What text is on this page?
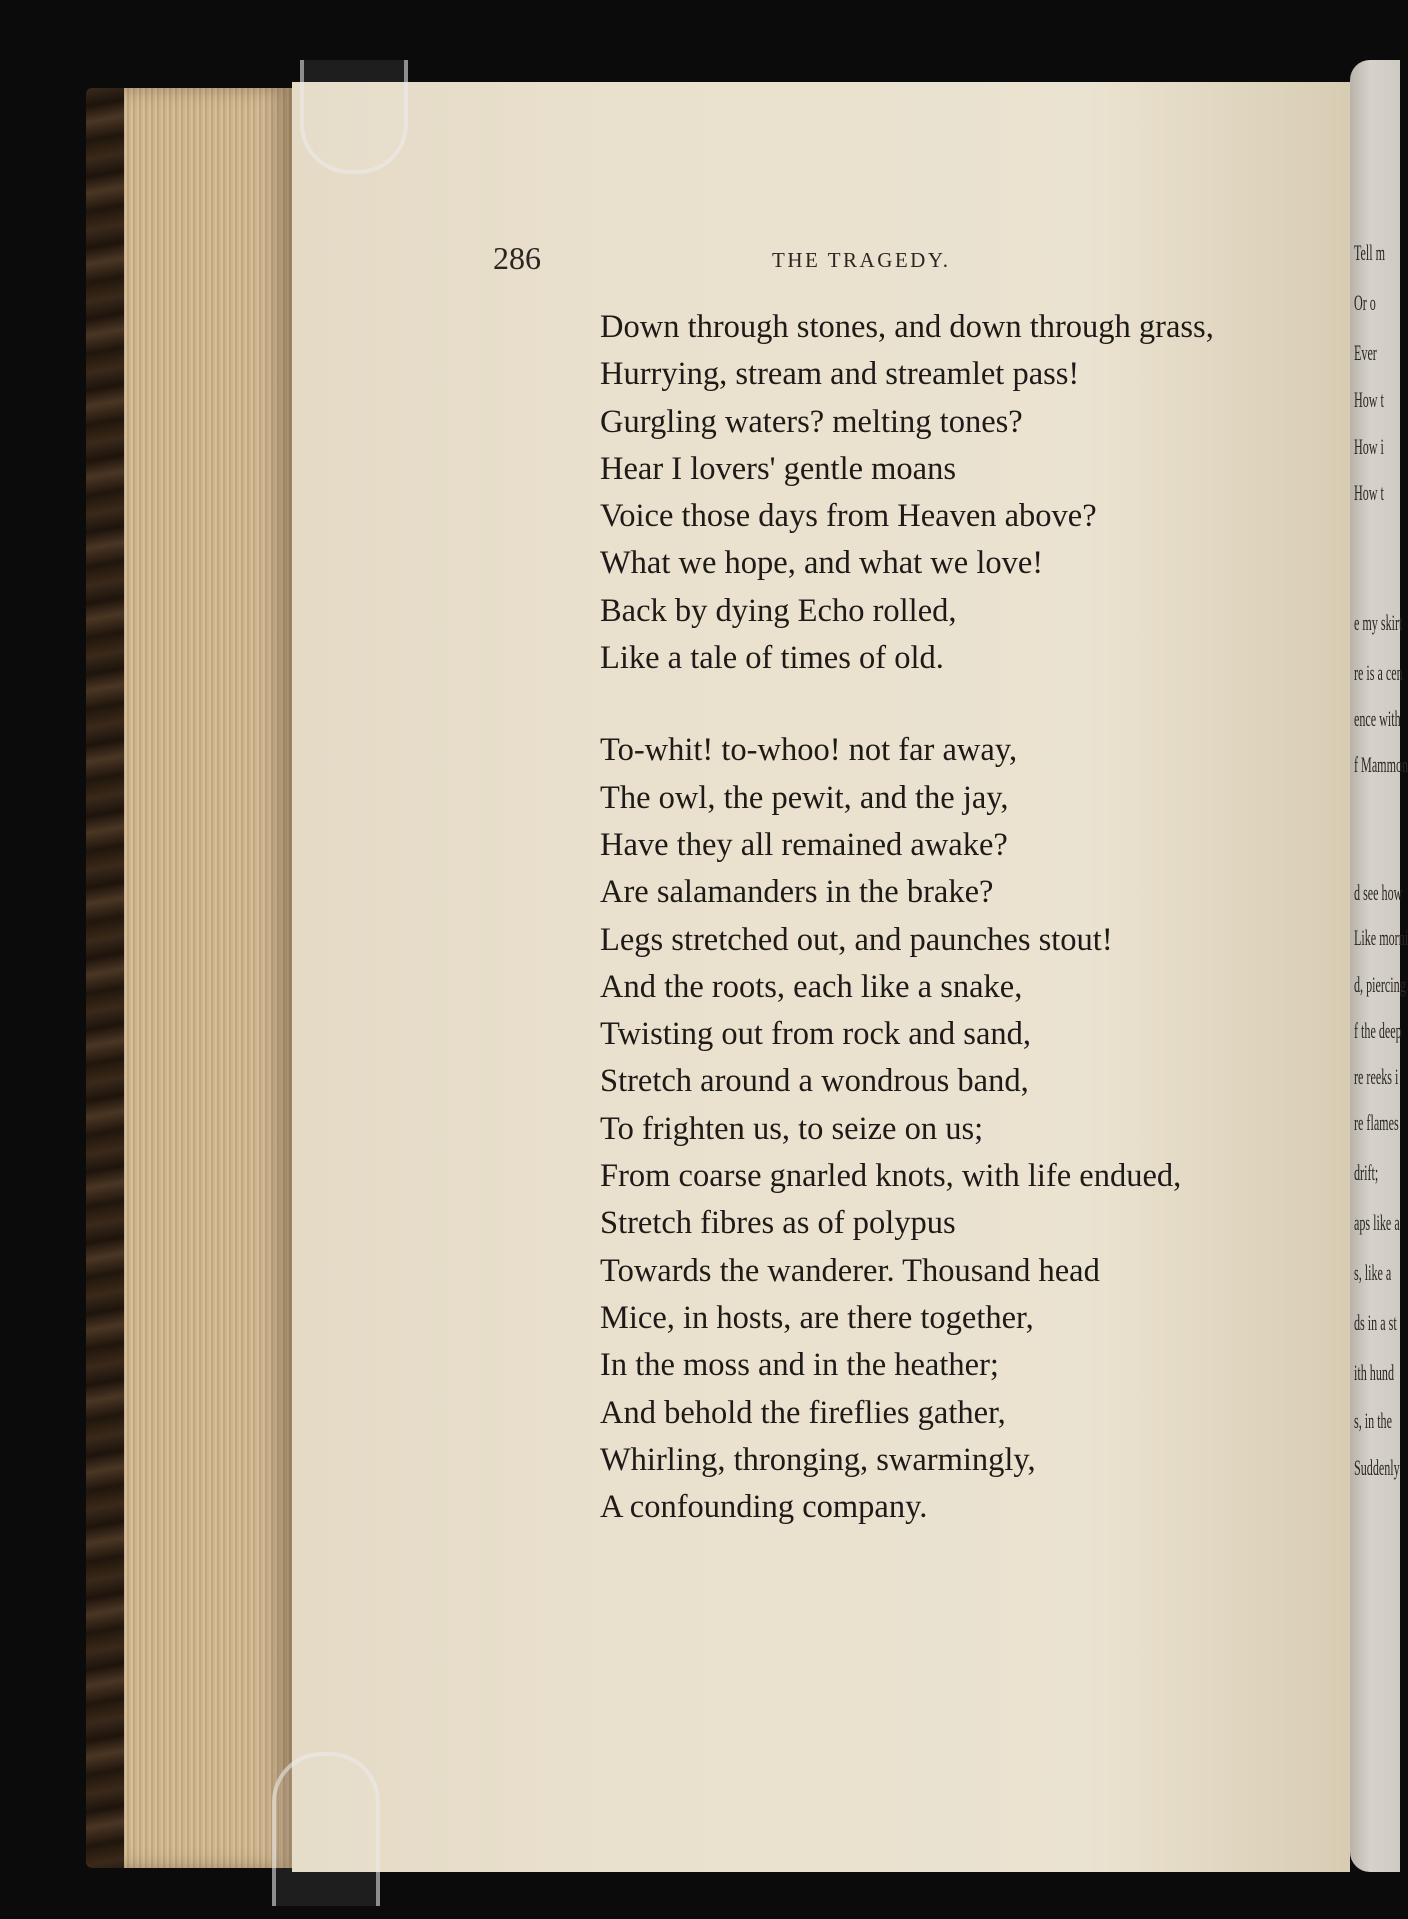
286	THE TRAGEDY.
Down through stones, and down through grass,
Hurrying, stream and streamlet pass!
Gurgling waters? melting tones?
Hear I lovers' gentle moans
Voice those days from Heaven above?
What we hope, and what we love!
Back by dying Echo rolled,
Like a tale of times of old.
To-whit! to-whoo! not far away,
The owl, the pewit, and the jay,
Have they all remained awake?
Are salamanders in the brake?
Legs stretched out, and paunches stout!
And the roots, each like a snake,
Twisting out from rock and sand,
Stretch around a wondrous band,
To frighten us, to seize on us;
From coarse gnarled knots, with life endued,
Stretch fibres as of polypus
Towards the wanderer. Thousand head
Mice, in hosts, are there together,
In the moss and in the heather;
And behold the fireflies gather,
Whirling, thronging, swarmingly,
A confounding company.
Tell m
Or o
Ever
How t
How i
How t
e my skirt
re is a cen
ence with
f Mammon
d see how
Like morni
d, piercing
f the deep
re reeks i
re flames
drift;
aps like a
s, like a
ds in a st
ith hund
s, in the
Suddenly
